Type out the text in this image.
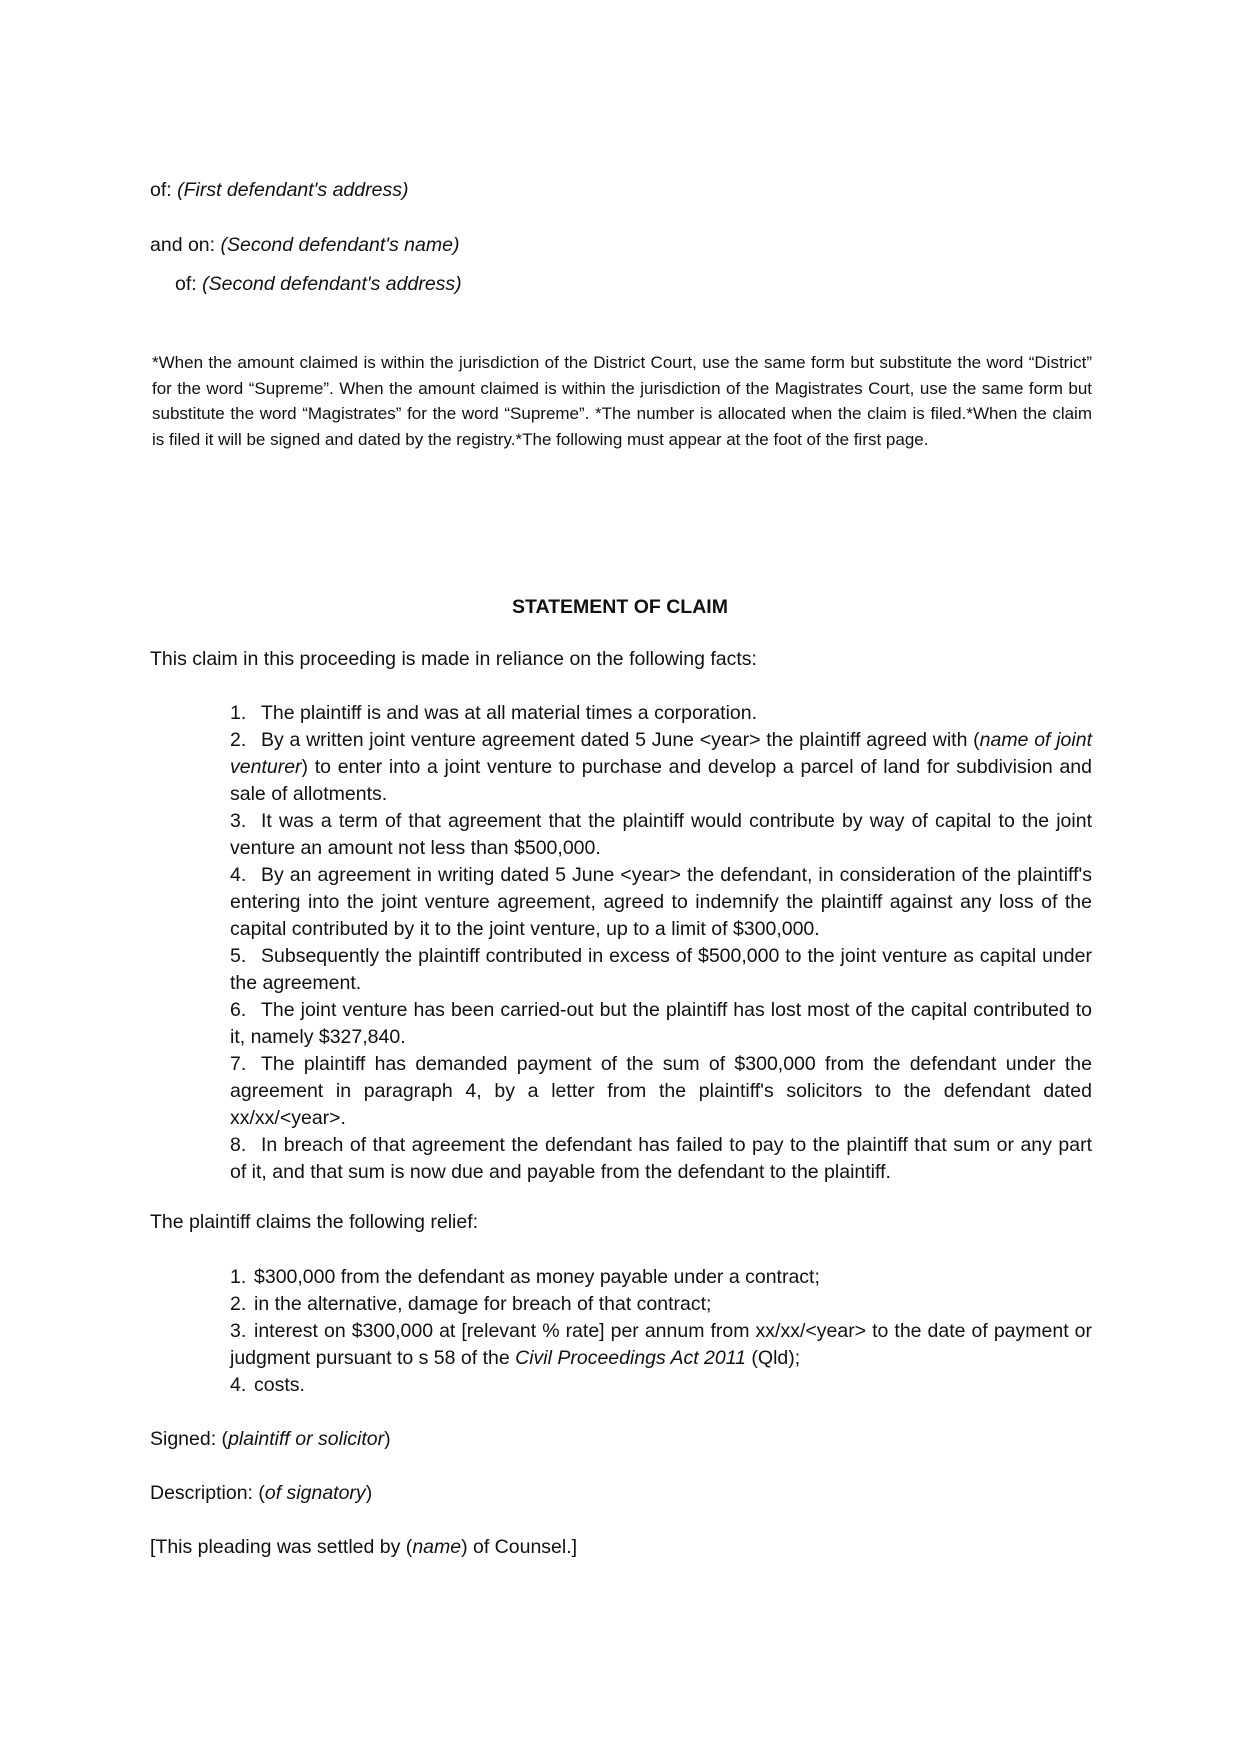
of: (First defendant's address)
and on: (Second defendant's name)
of: (Second defendant's address)
*When the amount claimed is within the jurisdiction of the District Court, use the same form but substitute the word “District” for the word “Supreme”. When the amount claimed is within the jurisdiction of the Magistrates Court, use the same form but substitute the word “Magistrates” for the word “Supreme”. *The number is allocated when the claim is filed.*When the claim is filed it will be signed and dated by the registry.*The following must appear at the foot of the first page.
STATEMENT OF CLAIM
This claim in this proceeding is made in reliance on the following facts:
1. The plaintiff is and was at all material times a corporation.
2. By a written joint venture agreement dated 5 June <year> the plaintiff agreed with (name of joint venturer) to enter into a joint venture to purchase and develop a parcel of land for subdivision and sale of allotments.
3. It was a term of that agreement that the plaintiff would contribute by way of capital to the joint venture an amount not less than $500,000.
4. By an agreement in writing dated 5 June <year> the defendant, in consideration of the plaintiff's entering into the joint venture agreement, agreed to indemnify the plaintiff against any loss of the capital contributed by it to the joint venture, up to a limit of $300,000.
5. Subsequently the plaintiff contributed in excess of $500,000 to the joint venture as capital under the agreement.
6. The joint venture has been carried-out but the plaintiff has lost most of the capital contributed to it, namely $327,840.
7. The plaintiff has demanded payment of the sum of $300,000 from the defendant under the agreement in paragraph 4, by a letter from the plaintiff's solicitors to the defendant dated xx/xx/<year>.
8. In breach of that agreement the defendant has failed to pay to the plaintiff that sum or any part of it, and that sum is now due and payable from the defendant to the plaintiff.
The plaintiff claims the following relief:
1. $300,000 from the defendant as money payable under a contract;
2. in the alternative, damage for breach of that contract;
3. interest on $300,000 at [relevant % rate] per annum from xx/xx/<year> to the date of payment or judgment pursuant to s 58 of the Civil Proceedings Act 2011 (Qld);
4. costs.
Signed: (plaintiff or solicitor)
Description: (of signatory)
[This pleading was settled by (name) of Counsel.]
